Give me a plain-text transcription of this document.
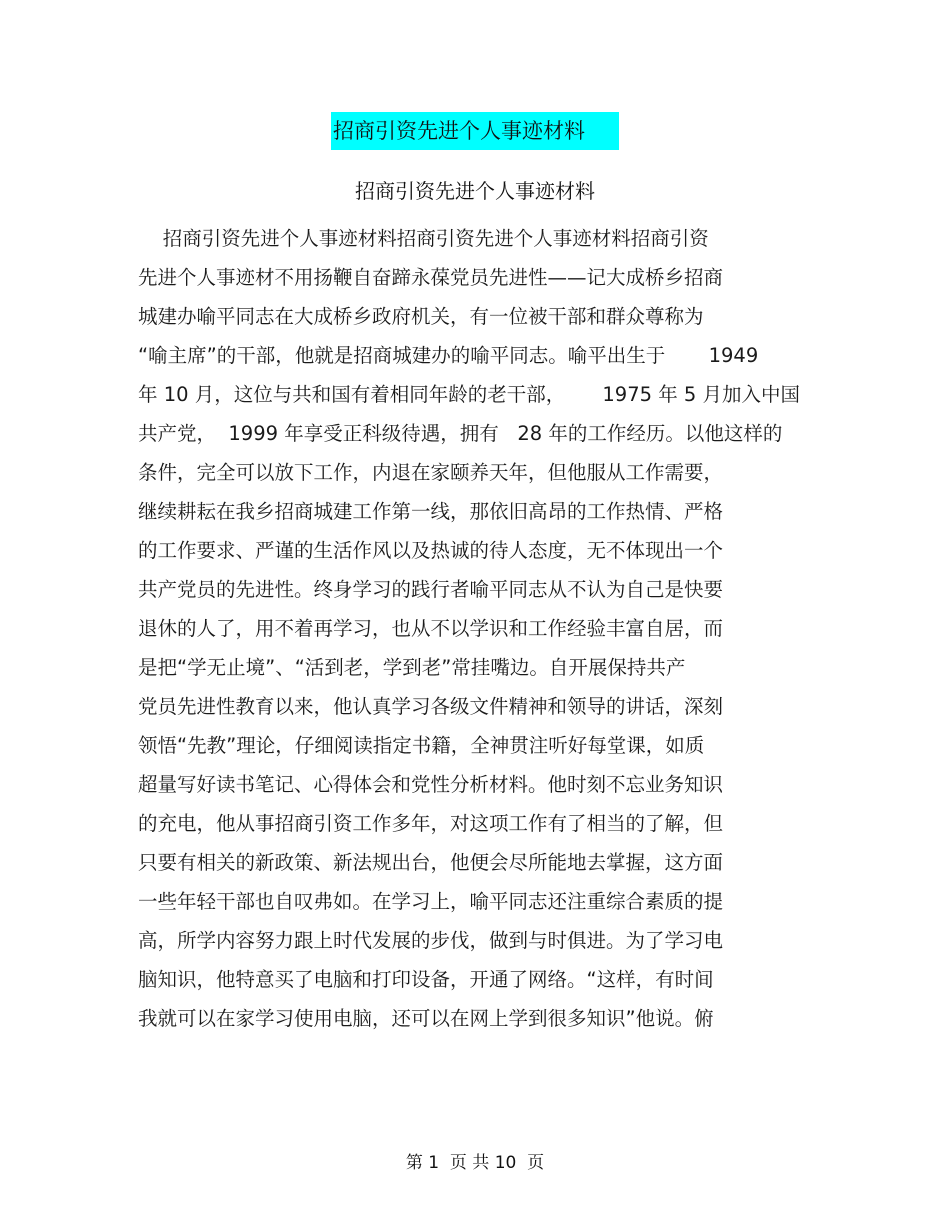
招商引资先进个人事迹材料
招商引资先进个人事迹材料
招商引资先进个人事迹材料招商引资先进个人事迹材料招商引资
先进个人事迹材不用扬鞭自奋蹄永葆党员先进性——记大成桥乡招商
城建办喻平同志在大成桥乡政府机关，有一位被干部和群众尊称为
“喻主席”的干部，他就是招商城建办的喻平同志。喻平出生于       1949
年 10 月，这位与共和国有着相同年龄的老干部，      1975 年 5 月加入中国
共产党，  1999 年享受正科级待遇，拥有   28 年的工作经历。以他这样的
条件，完全可以放下工作，内退在家颐养天年，但他服从工作需要，
继续耕耘在我乡招商城建工作第一线，那依旧高昂的工作热情、严格
的工作要求、严谨的生活作风以及热诚的待人态度，无不体现出一个
共产党员的先进性。终身学习的践行者喻平同志从不认为自己是快要
退休的人了，用不着再学习，也从不以学识和工作经验丰富自居，而
是把“学无止境”、“活到老，学到老”常挂嘴边。自开展保持共产
党员先进性教育以来，他认真学习各级文件精神和领导的讲话，深刻
领悟“先教”理论，仔细阅读指定书籍，全神贯注听好每堂课，如质
超量写好读书笔记、心得体会和党性分析材料。他时刻不忘业务知识
的充电，他从事招商引资工作多年，对这项工作有了相当的了解，但
只要有相关的新政策、新法规出台，他便会尽所能地去掌握，这方面
一些年轻干部也自叹弗如。在学习上，喻平同志还注重综合素质的提
高，所学内容努力跟上时代发展的步伐，做到与时俱进。为了学习电
脑知识，他特意买了电脑和打印设备，开通了网络。“这样，有时间
我就可以在家学习使用电脑，还可以在网上学到很多知识”他说。俯
第 1  页 共 10  页
